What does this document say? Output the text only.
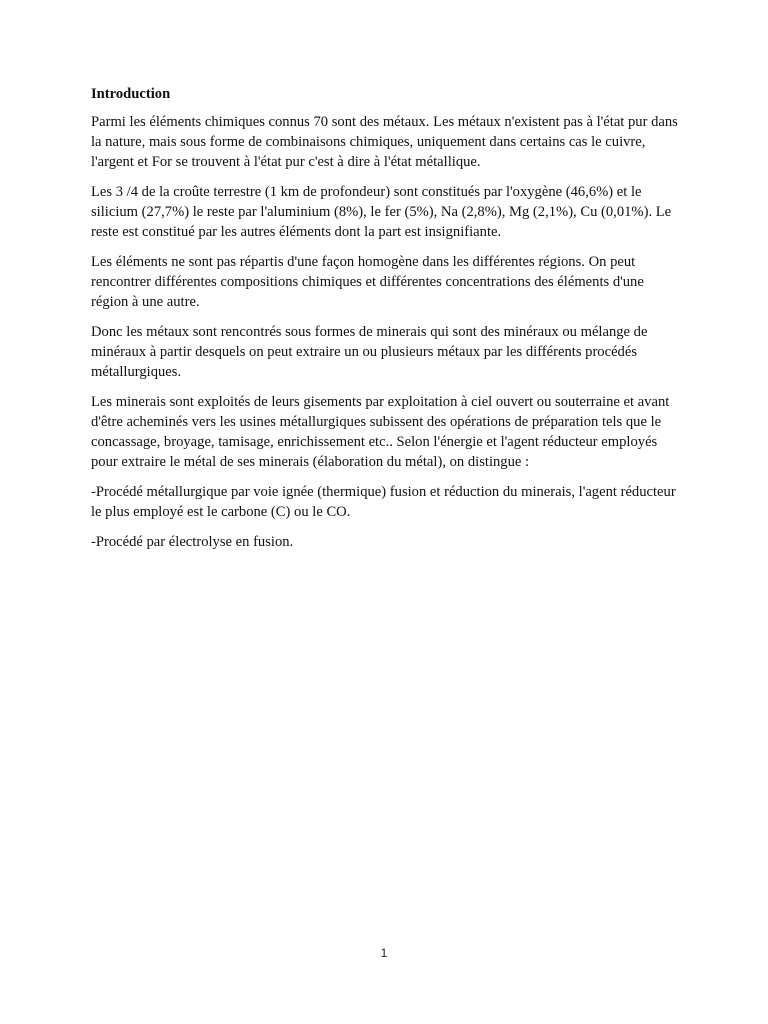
Introduction
Parmi les éléments chimiques connus 70 sont des métaux. Les métaux n'existent pas à l'état pur dans la nature, mais sous forme de combinaisons chimiques, uniquement dans certains cas le cuivre, l'argent et For se trouvent à l'état pur c'est à dire à l'état métallique.
Les 3 /4 de la croûte terrestre (1 km de profondeur) sont constitués par l'oxygène (46,6%) et le silicium (27,7%) le reste par l'aluminium (8%), le fer (5%), Na (2,8%), Mg (2,1%), Cu (0,01%). Le reste est constitué par les autres éléments dont la part est insignifiante.
Les éléments ne sont pas répartis d'une façon homogène dans les différentes régions. On peut rencontrer différentes compositions chimiques et différentes concentrations des éléments d'une région à une autre.
Donc les métaux sont rencontrés sous formes de minerais qui sont des minéraux ou mélange de minéraux à partir desquels on peut extraire un ou plusieurs métaux par les différents procédés métallurgiques.
Les minerais sont exploités de leurs gisements par exploitation à ciel ouvert ou souterraine et avant d'être acheminés vers les usines métallurgiques subissent des opérations de préparation tels que le concassage, broyage, tamisage, enrichissement etc.. Selon l'énergie et l'agent réducteur employés pour extraire le métal de ses minerais (élaboration du métal), on distingue :
-Procédé métallurgique par voie ignée (thermique) fusion et réduction du minerais, l'agent réducteur le plus employé est le carbone (C) ou le CO.
-Procédé par électrolyse en fusion.
1
